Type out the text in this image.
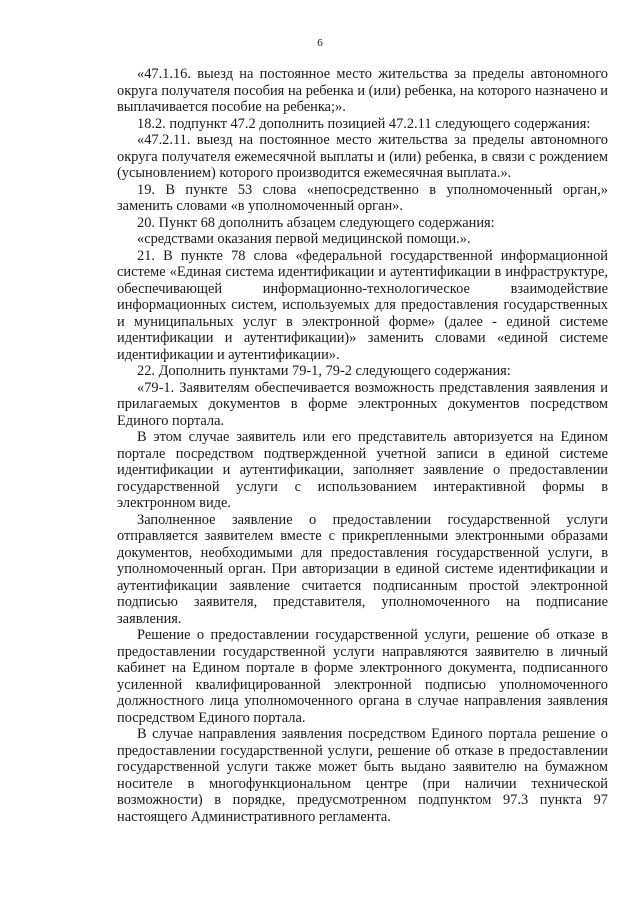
6

«47.1.16. выезд на постоянное место жительства за пределы автономного округа получателя пособия на ребенка и (или) ребенка, на которого назначено и выплачивается пособие на ребенка;».

18.2. подпункт 47.2 дополнить позицией 47.2.11 следующего содержания:

«47.2.11. выезд на постоянное место жительства за пределы автономного округа получателя ежемесячной выплаты и (или) ребенка, в связи с рождением (усыновлением) которого производится ежемесячная выплата.».

19. В пункте 53 слова «непосредственно в уполномоченный орган,» заменить словами «в уполномоченный орган».

20. Пункт 68 дополнить абзацем следующего содержания:

«средствами оказания первой медицинской помощи.».

21. В пункте 78 слова «федеральной государственной информационной системе «Единая система идентификации и аутентификации в инфраструктуре, обеспечивающей информационно-технологическое взаимодействие информационных систем, используемых для предоставления государственных и муниципальных услуг в электронной форме» (далее - единой системе идентификации и аутентификации)» заменить словами «единой системе идентификации и аутентификации».

22. Дополнить пунктами 79-1, 79-2 следующего содержания:

«79-1. Заявителям обеспечивается возможность представления заявления и прилагаемых документов в форме электронных документов посредством Единого портала.

В этом случае заявитель или его представитель авторизуется на Едином портале посредством подтвержденной учетной записи в единой системе идентификации и аутентификации, заполняет заявление о предоставлении государственной услуги с использованием интерактивной формы в электронном виде.

Заполненное заявление о предоставлении государственной услуги отправляется заявителем вместе с прикрепленными электронными образами документов, необходимыми для предоставления государственной услуги, в уполномоченный орган. При авторизации в единой системе идентификации и аутентификации заявление считается подписанным простой электронной подписью заявителя, представителя, уполномоченного на подписание заявления.

Решение о предоставлении государственной услуги, решение об отказе в предоставлении государственной услуги направляются заявителю в личный кабинет на Едином портале в форме электронного документа, подписанного усиленной квалифицированной электронной подписью уполномоченного должностного лица уполномоченного органа в случае направления заявления посредством Единого портала.

В случае направления заявления посредством Единого портала решение о предоставлении государственной услуги, решение об отказе в предоставлении государственной услуги также может быть выдано заявителю на бумажном носителе в многофункциональном центре (при наличии технической возможности) в порядке, предусмотренном подпунктом 97.3 пункта 97 настоящего Административного регламента.
